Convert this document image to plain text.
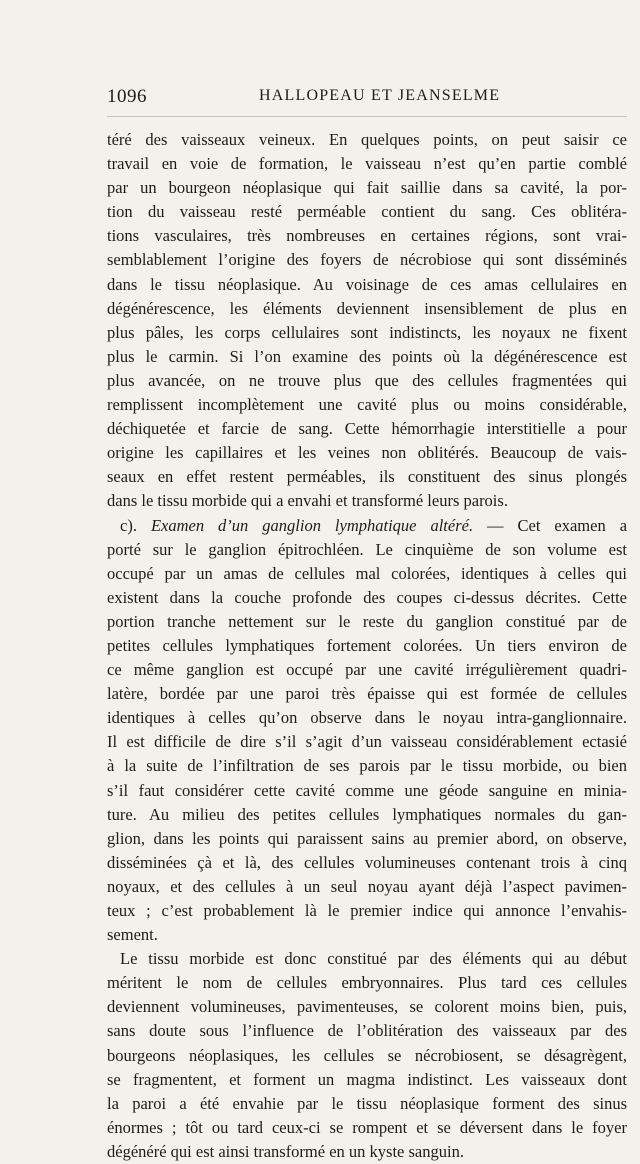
1096	HALLOPEAU ET JEANSELME
téré des vaisseaux veineux. En quelques points, on peut saisir ce
travail en voie de formation, le vaisseau n’est qu’en partie comblé
par un bourgeon néoplasique qui fait saillie dans sa cavité, la por-
tion du vaisseau resté perméable contient du sang. Ces oblitéra-
tions vasculaires, très nombreuses en certaines régions, sont vrai-
semblablement l’origine des foyers de nécrobiose qui sont disséminés
dans le tissu néoplasique. Au voisinage de ces amas cellulaires en
dégénérescence, les éléments deviennent insensiblement de plus en
plus pâles, les corps cellulaires sont indistincts, les noyaux ne fixent
plus le carmin. Si l’on examine des points où la dégénérescence est
plus avancée, on ne trouve plus que des cellules fragmentées qui
remplissent incomplètement une cavité plus ou moins considérable,
déchiquetée et farcie de sang. Cette hémorrhagie interstitielle a pour
origine les capillaires et les veines non oblitérés. Beaucoup de vais-
seaux en effet restent perméables, ils constituent des sinus plongés
dans le tissu morbide qui a envahi et transformé leurs parois.
c). Examen d’un ganglion lymphatique altéré. — Cet examen a
porté sur le ganglion épitrochléen. Le cinquième de son volume est
occupé par un amas de cellules mal colorées, identiques à celles qui
existent dans la couche profonde des coupes ci-dessus décrites. Cette
portion tranche nettement sur le reste du ganglion constitué par de
petites cellules lymphatiques fortement colorées. Un tiers environ de
ce même ganglion est occupé par une cavité irrégulièrement quadri-
latère, bordée par une paroi très épaisse qui est formée de cellules
identiques à celles qu’on observe dans le noyau intra-ganglionnaire.
Il est difficile de dire s’il s’agit d’un vaisseau considérablement ectasié
à la suite de l’infiltration de ses parois par le tissu morbide, ou bien
s’il faut considérer cette cavité comme une géode sanguine en minia-
ture. Au milieu des petites cellules lymphatiques normales du gan-
glion, dans les points qui paraissent sains au premier abord, on observe,
disséminées çà et là, des cellules volumineuses contenant trois à cinq
noyaux, et des cellules à un seul noyau ayant déjà l’aspect pavimen-
teux ; c’est probablement là le premier indice qui annonce l’envahis-
sement.
Le tissu morbide est donc constitué par des éléments qui au début
méritent le nom de cellules embryonnaires. Plus tard ces cellules
deviennent volumineuses, pavimenteuses, se colorent moins bien, puis,
sans doute sous l’influence de l’oblitération des vaisseaux par des
bourgeons néoplasiques, les cellules se nécrobiosent, se désagrègent,
se fragmentent, et forment un magma indistinct. Les vaisseaux dont
la paroi a été envahie par le tissu néoplasique forment des sinus
énormes ; tôt ou tard ceux-ci se rompent et se déversent dans le foyer
dégénéré qui est ainsi transformé en un kyste sanguin.
